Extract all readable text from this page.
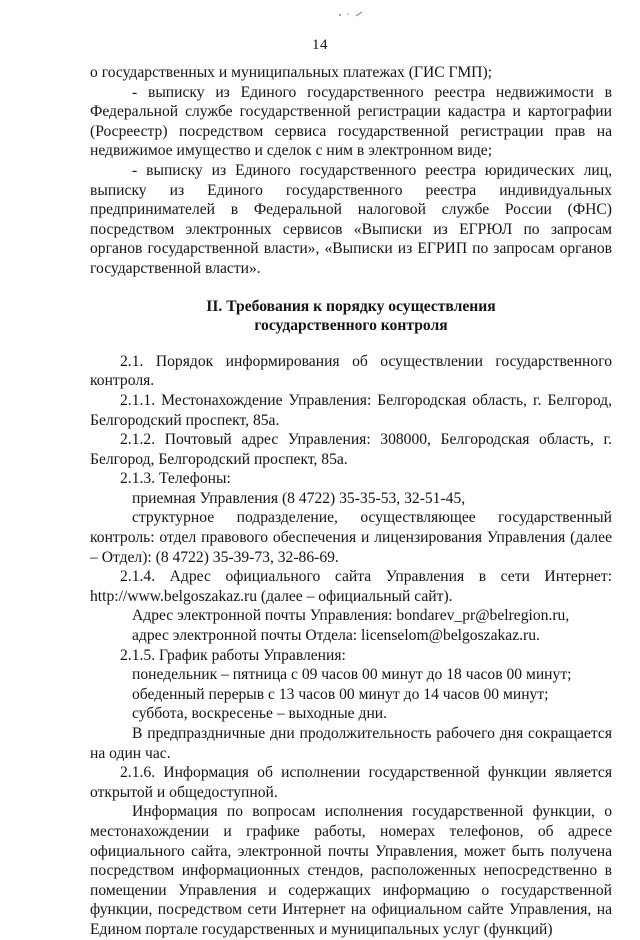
14

о государственных и муниципальных платежах (ГИС ГМП);

- выписку из Единого государственного реестра недвижимости в Федеральной службе государственной регистрации кадастра и картографии (Росреестр) посредством сервиса государственной регистрации прав на недвижимое имущество и сделок с ним в электронном виде;

- выписку из Единого государственного реестра юридических лиц, выписку из Единого государственного реестра индивидуальных предпринимателей в Федеральной налоговой службе России (ФНС) посредством электронных сервисов «Выписки из ЕГРЮЛ по запросам органов государственной власти», «Выписки из ЕГРИП по запросам органов государственной власти».

II. Требования к порядку осуществления
государственного контроля

2.1. Порядок информирования об осуществлении государственного контроля.

2.1.1. Местонахождение Управления: Белгородская область, г. Белгород, Белгородский проспект, 85а.

2.1.2. Почтовый адрес Управления: 308000, Белгородская область, г. Белгород, Белгородский проспект, 85а.

2.1.3. Телефоны:

приемная Управления (8 4722) 35-35-53, 32-51-45,

структурное подразделение, осуществляющее государственный контроль: отдел правового обеспечения и лицензирования Управления (далее – Отдел): (8 4722) 35-39-73, 32-86-69.

2.1.4. Адрес официального сайта Управления в сети Интернет: http://www.belgoszakaz.ru (далее – официальный сайт).

Адрес электронной почты Управления: bondarev_pr@belregion.ru,

адрес электронной почты Отдела: licenselom@belgoszakaz.ru.

2.1.5. График работы Управления:

понедельник – пятница с 09 часов 00 минут до 18 часов 00 минут;

обеденный перерыв с 13 часов 00 минут до 14 часов 00 минут;

суббота, воскресенье – выходные дни.

В предпраздничные дни продолжительность рабочего дня сокращается на один час.

2.1.6. Информация об исполнении государственной функции является открытой и общедоступной.

Информация по вопросам исполнения государственной функции, о местонахождении и графике работы, номерах телефонов, об адресе официального сайта, электронной почты Управления, может быть получена посредством информационных стендов, расположенных непосредственно в помещении Управления и содержащих информацию о государственной функции, посредством сети Интернет на официальном сайте Управления, на Едином портале государственных и муниципальных услуг (функций)
